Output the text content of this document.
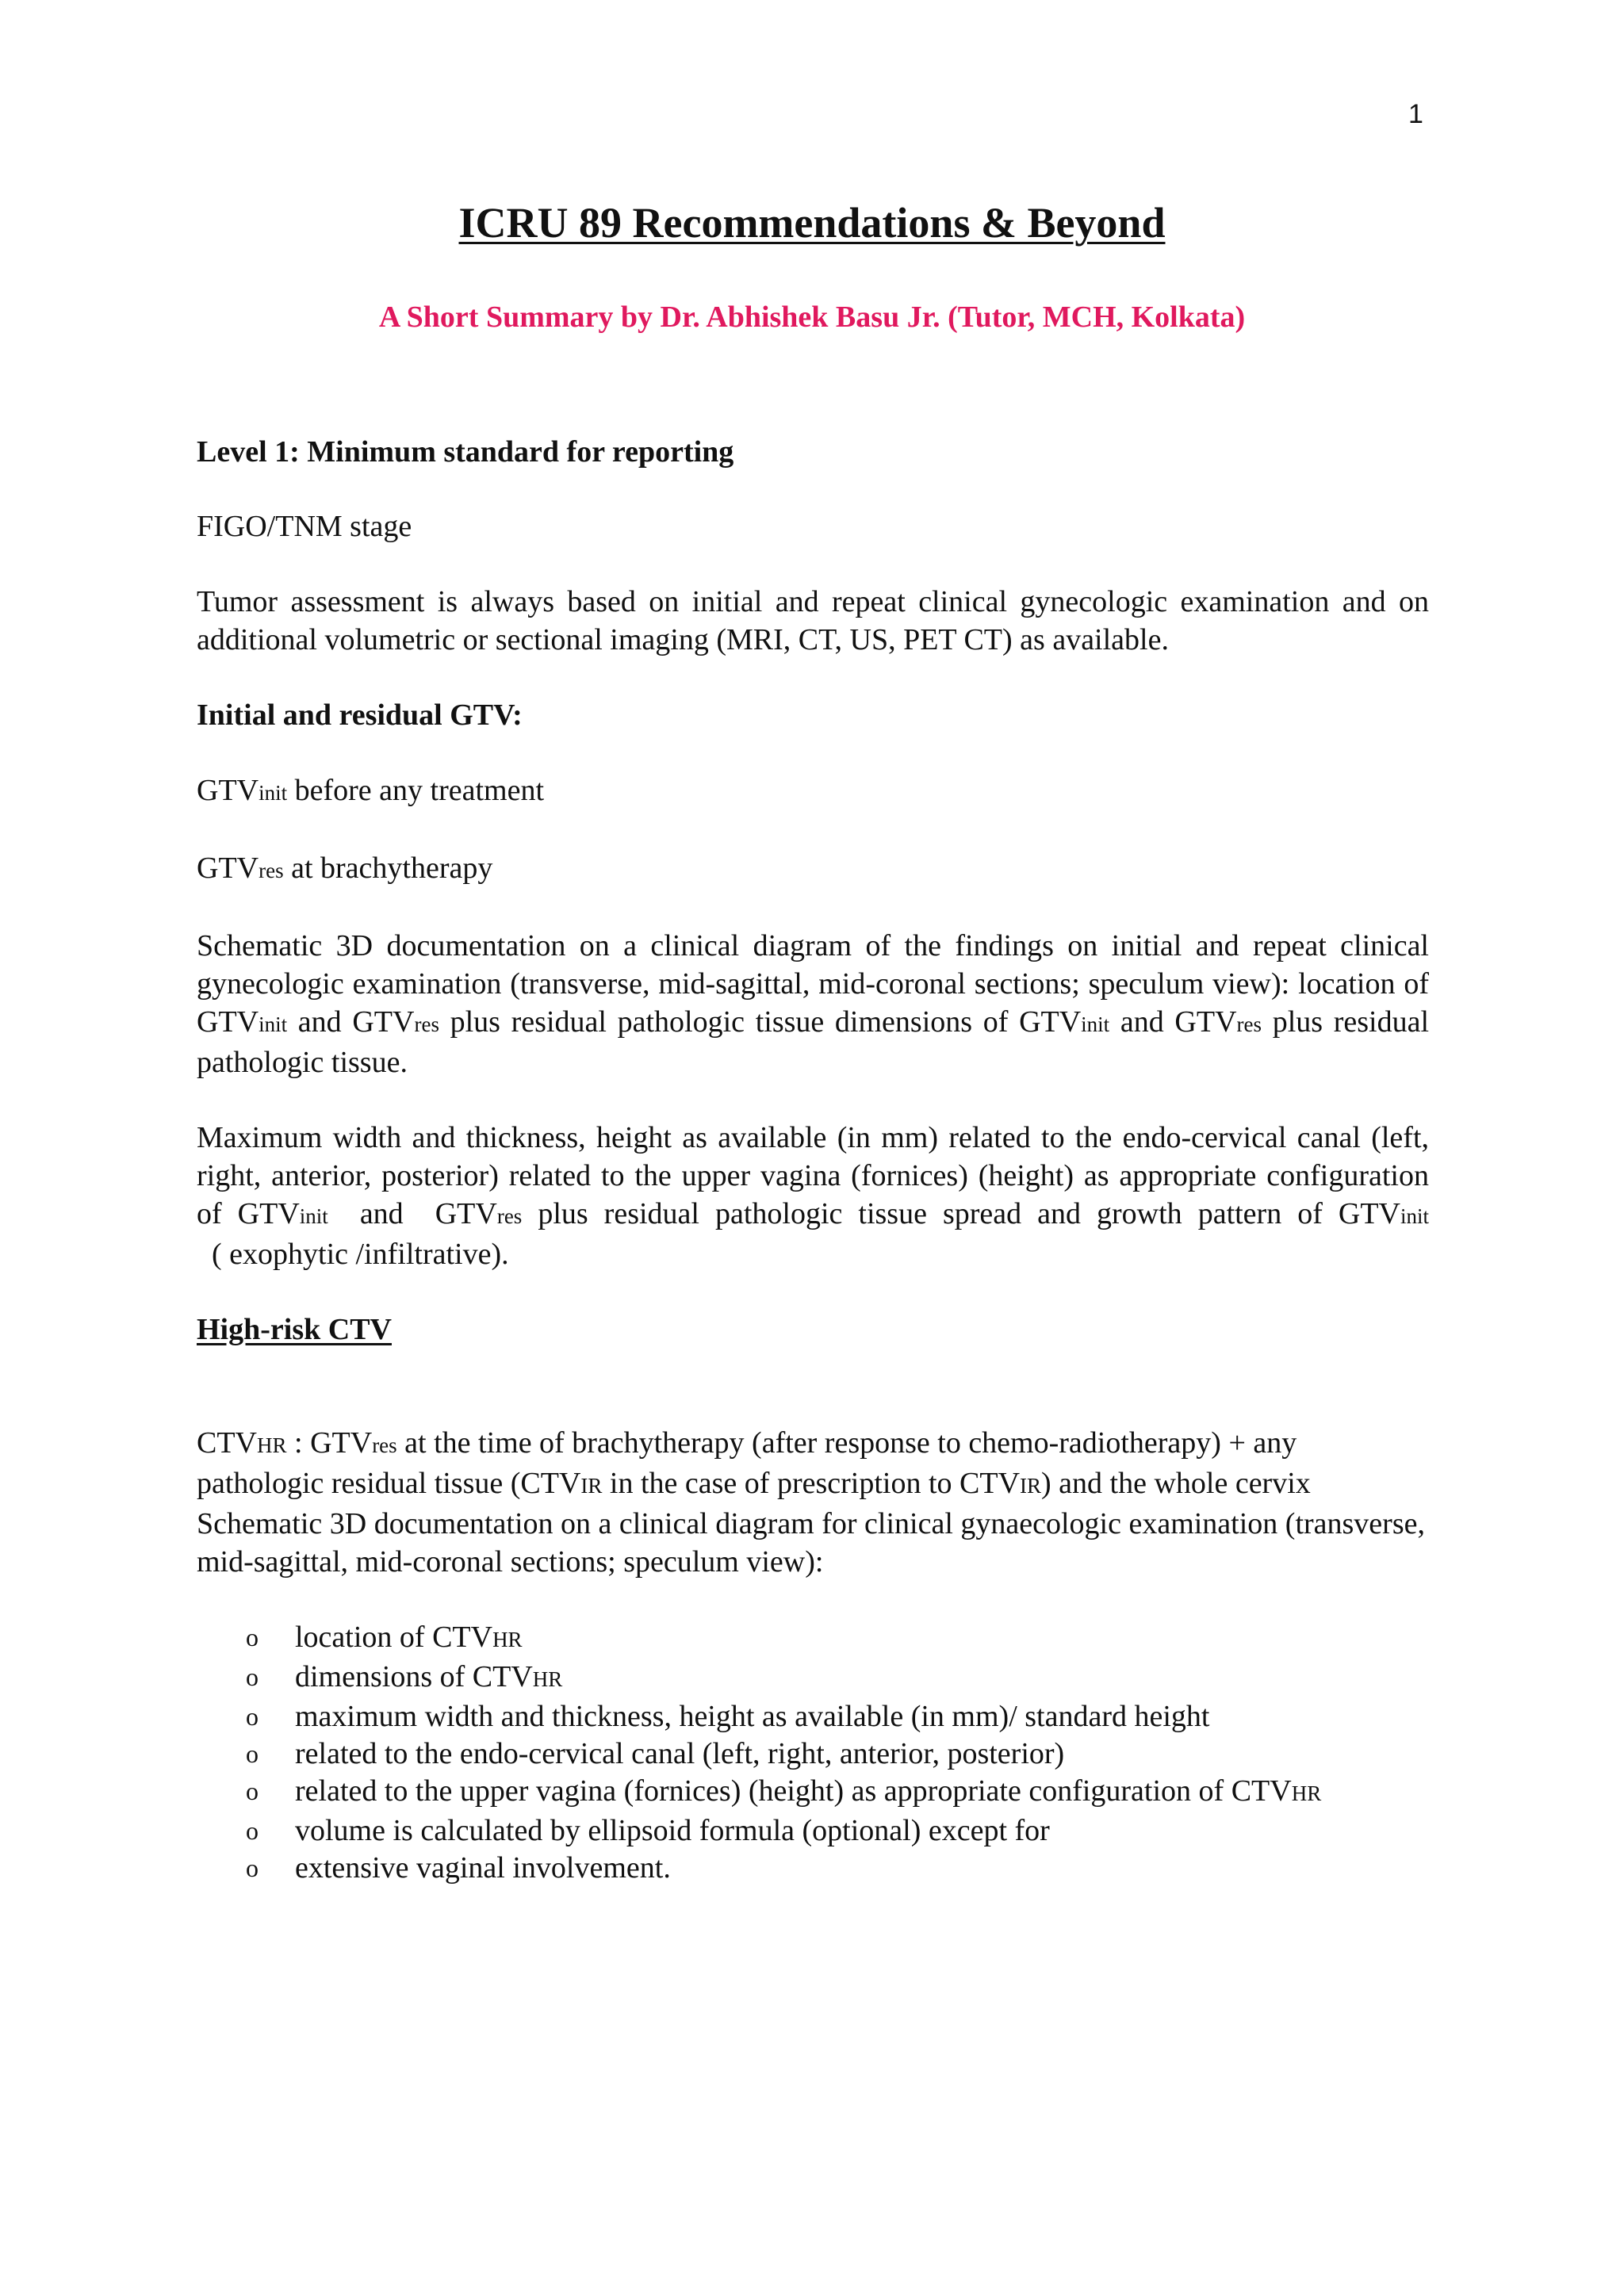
1
ICRU 89 Recommendations & Beyond
A Short Summary by Dr. Abhishek Basu Jr. (Tutor, MCH, Kolkata)

Level 1: Minimum standard for reporting

FIGO/TNM stage

Tumor assessment is always based on initial and repeat clinical gynecologic examination and on additional volumetric or sectional imaging (MRI, CT, US, PET CT) as available.

Initial and residual GTV:

GTVinit before any treatment

GTVres at brachytherapy

Schematic 3D documentation on a clinical diagram of the findings on initial and repeat clinical gynecologic examination (transverse, mid-sagittal, mid-coronal sections; speculum view): location of GTVinit and GTVres plus residual pathologic tissue dimensions of GTVinit and GTVres plus residual pathologic tissue.

Maximum width and thickness, height as available (in mm) related to the endo-cervical canal (left, right, anterior, posterior) related to the upper vagina (fornices) (height) as appropriate configuration of GTVinit  and  GTVres plus residual pathologic tissue spread and growth pattern of GTVinit  ( exophytic /infiltrative).

High-risk CTV

CTVHR : GTVres at the time of brachytherapy (after response to chemo-radiotherapy) + any pathologic residual tissue (CTVIR in the case of prescription to CTVIR) and the whole cervix Schematic 3D documentation on a clinical diagram for clinical gynaecologic examination (transverse, mid-sagittal, mid-coronal sections; speculum view):

o location of CTVHR
o dimensions of CTVHR
o maximum width and thickness, height as available (in mm)/ standard height
o related to the endo-cervical canal (left, right, anterior, posterior)
o related to the upper vagina (fornices) (height) as appropriate configuration of CTVHR
o volume is calculated by ellipsoid formula (optional) except for
o extensive vaginal involvement.
